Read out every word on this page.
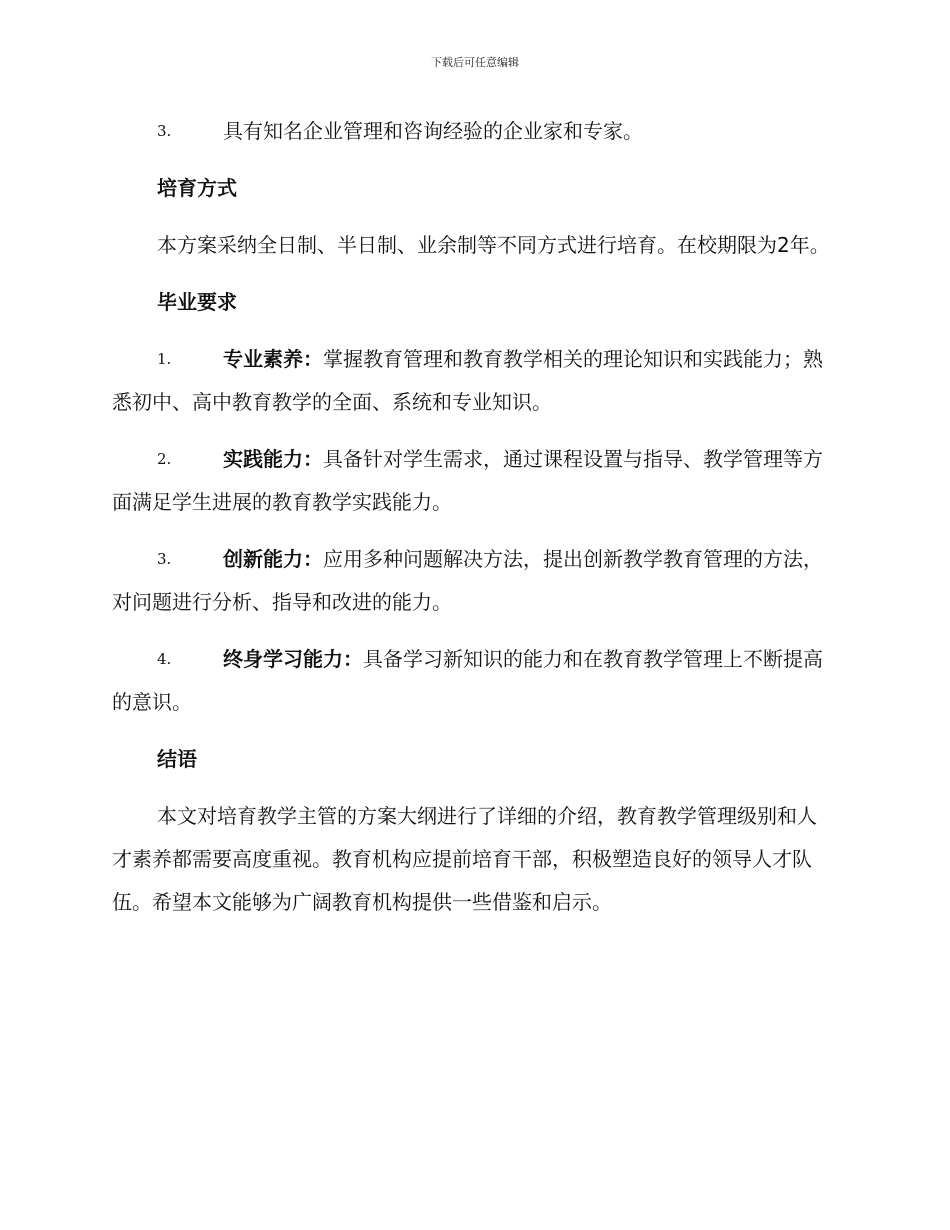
下载后可任意编辑

3.	具有知名企业管理和咨询经验的企业家和专家。

培育方式

本方案采纳全日制、半日制、业余制等不同方式进行培育。在校期限为2年。

毕业要求

1.	专业素养：掌握教育管理和教育教学相关的理论知识和实践能力；熟悉初中、高中教育教学的全面、系统和专业知识。

2.	实践能力：具备针对学生需求，通过课程设置与指导、教学管理等方面满足学生进展的教育教学实践能力。

3.	创新能力：应用多种问题解决方法，提出创新教学教育管理的方法，对问题进行分析、指导和改进的能力。

4.	终身学习能力：具备学习新知识的能力和在教育教学管理上不断提高的意识。

结语

本文对培育教学主管的方案大纲进行了详细的介绍，教育教学管理级别和人才素养都需要高度重视。教育机构应提前培育干部，积极塑造良好的领导人才队伍。希望本文能够为广阔教育机构提供一些借鉴和启示。
